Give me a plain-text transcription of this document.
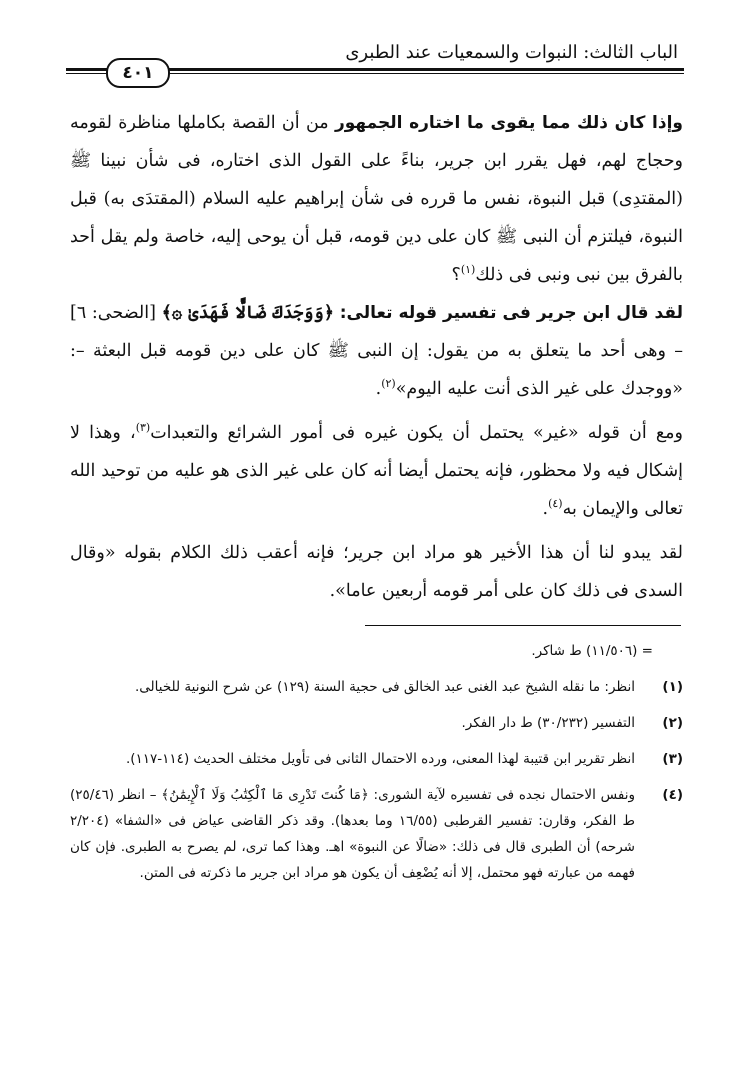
الباب الثالث: النبوات والسمعيات عند الطبرى
٤٠١

وإذا كان ذلك مما يقوى ما اختاره الجمهور من أن القصة بكاملها مناظرة لقومه وحجاج لهم، فهل يقرر ابن جرير، بناءً على القول الذى اختاره، فى شأن نبينا ﷺ (المقتدِى) قبل النبوة، نفس ما قرره فى شأن إبراهيم عليه السلام (المقتدَى به) قبل النبوة، فيلتزم أن النبى ﷺ كان على دين قومه، قبل أن يوحى إليه، خاصة ولم يقل أحد بالفرق بين نبى ونبى فى ذلك$^{(١)}$؟

لقد قال ابن جرير فى تفسير قوله تعالى: ﴿وَوَجَدَكَ ضَالًّا فَهَدَىٰ ۞﴾ [الضحى: ٦] – وهى أحد ما يتعلق به من يقول: إن النبى ﷺ كان على دين قومه قبل البعثة –: «ووجدك على غير الذى أنت عليه اليوم»$^{(٢)}$.

ومع أن قوله «غير» يحتمل أن يكون غيره فى أمور الشرائع والتعبدات$^{(٣)}$، وهذا لا إشكال فيه ولا محظور، فإنه يحتمل أيضا أنه كان على غير الذى هو عليه من توحيد الله تعالى والإيمان به$^{(٤)}$.

لقد يبدو لنا أن هذا الأخير هو مراد ابن جرير؛ فإنه أعقب ذلك الكلام بقوله «وقال السدى فى ذلك كان على أمر قومه أربعين عاما».

= (١١/٥٠٦) ط شاكر.
(١)
انظر: ما نقله الشيخ عبد الغنى عبد الخالق فى حجية السنة (١٢٩) عن شرح النونية للخيالى.
(٢)
التفسير (٣٠/٢٣٢) ط دار الفكر.
(٣)
انظر تقرير ابن قتيبة لهذا المعنى، ورده الاحتمال الثانى فى تأويل مختلف الحديث (١١٤-١١٧).
(٤)
ونفس الاحتمال نجده فى تفسيره لآية الشورى: ﴿مَا كُنتَ تَدْرِى مَا ٱلْكِتَٰبُ وَلَا ٱلْإِيمَٰنُ﴾ – انظر (٢٥/٤٦) ط الفكر، وقارن: تفسير القرطبى (١٦/٥٥ وما بعدها). وقد ذكر القاضى عياض فى «الشفا» (٢/٢٠٤ شرحه) أن الطبرى قال فى ذلك: «ضالًا عن النبوة» اهـ. وهذا كما ترى، لم يصرح به الطبرى. فإن كان فهمه من عبارته فهو محتمل، إلا أنه يُضْعِف أن يكون هو مراد ابن جرير ما ذكرته فى المتن.
